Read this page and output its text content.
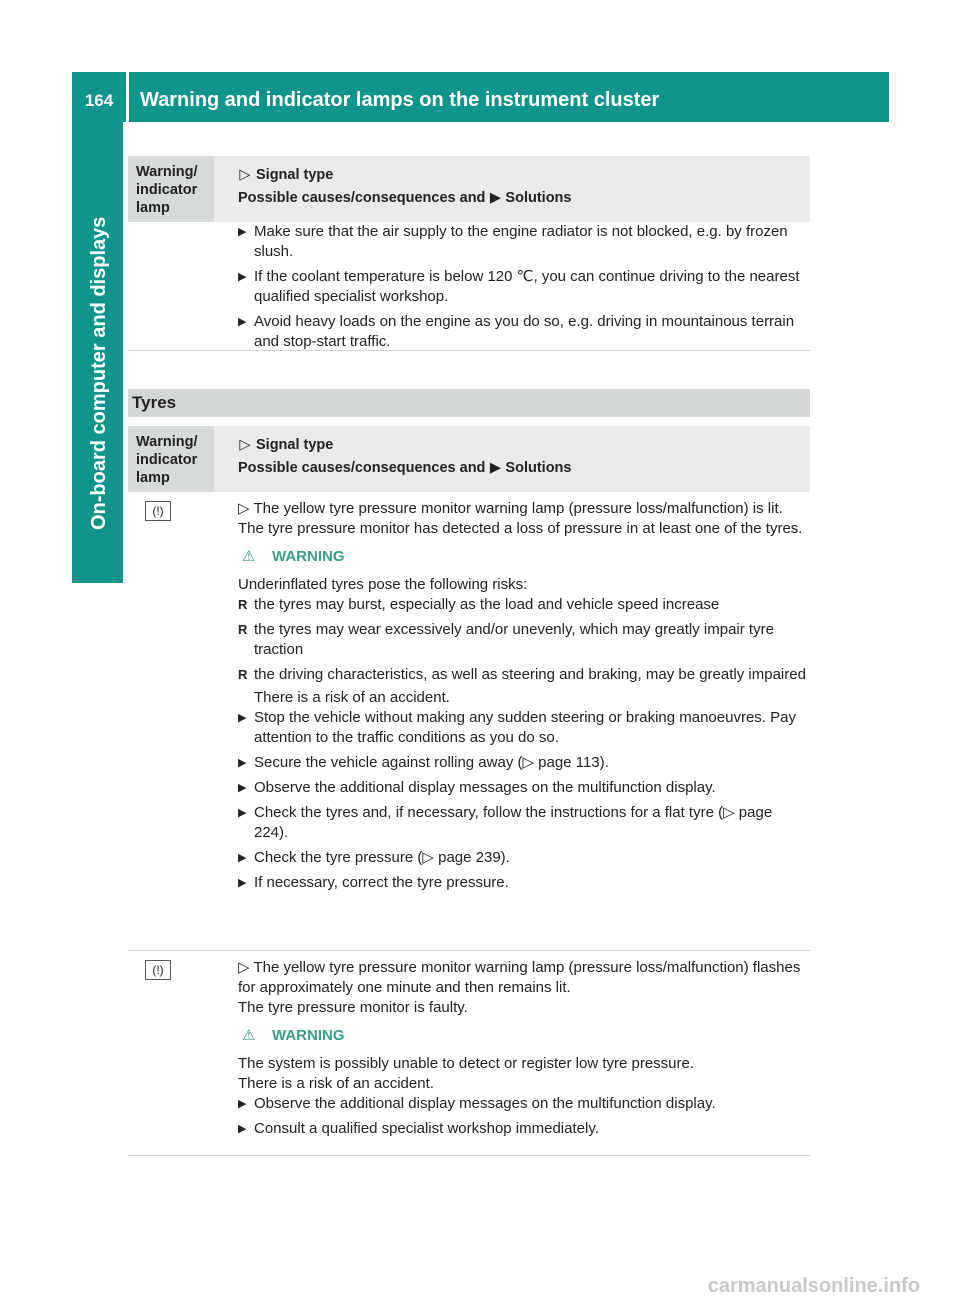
164	Warning and indicator lamps on the instrument cluster
On-board computer and displays
Warning/ indicator lamp
▷ Signal type
Possible causes/consequences and ▶ Solutions
▶ Make sure that the air supply to the engine radiator is not blocked, e.g. by frozen slush.
▶ If the coolant temperature is below 120 ℃, you can continue driving to the nearest qualified specialist workshop.
▶ Avoid heavy loads on the engine as you do so, e.g. driving in mountainous terrain and stop-start traffic.
Tyres
Warning/ indicator lamp
▷ Signal type
Possible causes/consequences and ▶ Solutions
(!)	▷ The yellow tyre pressure monitor warning lamp (pressure loss/malfunction) is lit.

The tyre pressure monitor has detected a loss of pressure in at least one of the tyres.

⚠ WARNING

Underinflated tyres pose the following risks:

R the tyres may burst, especially as the load and vehicle speed increase
R the tyres may wear excessively and/or unevenly, which may greatly impair tyre traction
R the driving characteristics, as well as steering and braking, may be greatly impaired

There is a risk of an accident.

▶ Stop the vehicle without making any sudden steering or braking manoeuvres. Pay attention to the traffic conditions as you do so.
▶ Secure the vehicle against rolling away (▷ page 113).
▶ Observe the additional display messages on the multifunction display.
▶ Check the tyres and, if necessary, follow the instructions for a flat tyre (▷ page 224).
▶ Check the tyre pressure (▷ page 239).
▶ If necessary, correct the tyre pressure.
(!)	▷ The yellow tyre pressure monitor warning lamp (pressure loss/malfunction) flashes for approximately one minute and then remains lit.

The tyre pressure monitor is faulty.

⚠ WARNING

The system is possibly unable to detect or register low tyre pressure.

There is a risk of an accident.

▶ Observe the additional display messages on the multifunction display.
▶ Consult a qualified specialist workshop immediately.
carmanualsonline.info
